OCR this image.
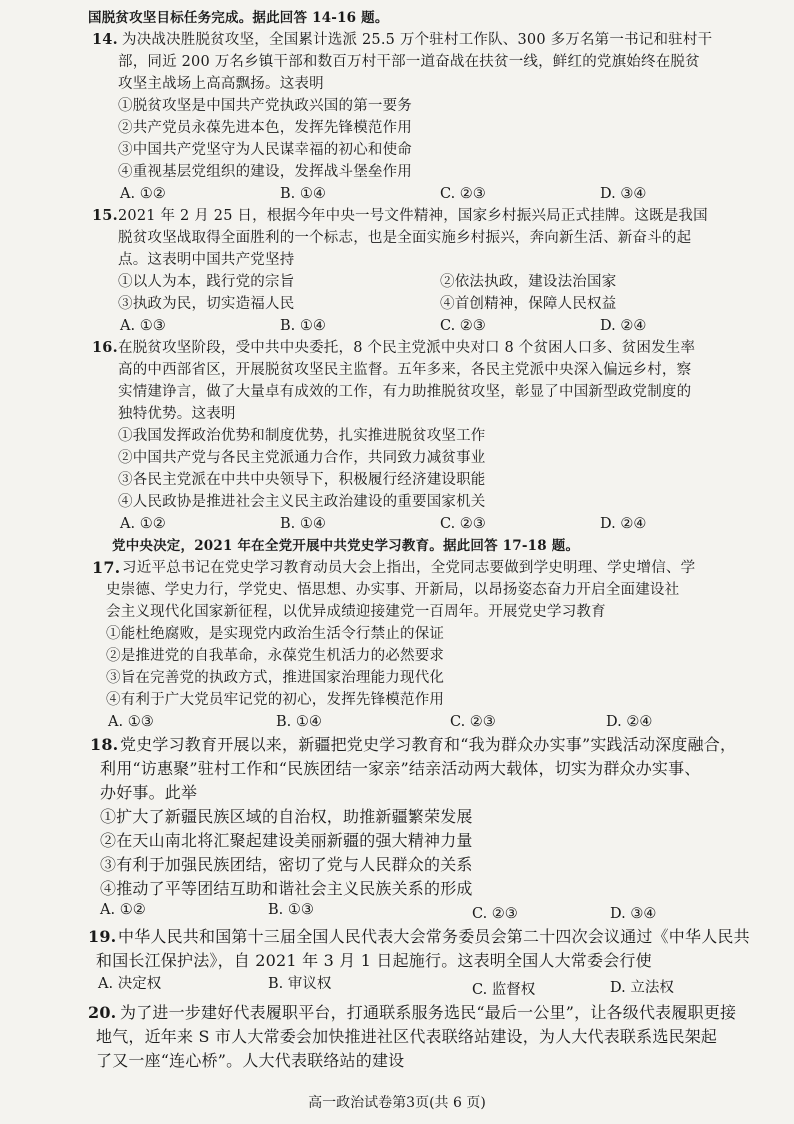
国脱贫攻坚目标任务完成。据此回答 14-16 题。
14. 为决战决胜脱贫攻坚，全国累计选派 25.5 万个驻村工作队、300 多万名第一书记和驻村干
部，同近 200 万名乡镇干部和数百万村干部一道奋战在扶贫一线，鲜红的党旗始终在脱贫
攻坚主战场上高高飘扬。这表明
①脱贫攻坚是中国共产党执政兴国的第一要务
②共产党员永葆先进本色，发挥先锋模范作用
③中国共产党坚守为人民谋幸福的初心和使命
④重视基层党组织的建设，发挥战斗堡垒作用
A. ①②	B. ①④	C. ②③	D. ③④
15. 2021 年 2 月 25 日，根据今年中央一号文件精神，国家乡村振兴局正式挂牌。这既是我国
脱贫攻坚战取得全面胜利的一个标志，也是全面实施乡村振兴，奔向新生活、新奋斗的起
点。这表明中国共产党坚持
①以人为本，践行党的宗旨	②依法执政，建设法治国家
③执政为民，切实造福人民	④首创精神，保障人民权益
A. ①③	B. ①④	C. ②③	D. ②④
16. 在脱贫攻坚阶段，受中共中央委托，8 个民主党派中央对口 8 个贫困人口多、贫困发生率
高的中西部省区，开展脱贫攻坚民主监督。五年多来，各民主党派中央深入偏远乡村，察
实情建诤言，做了大量卓有成效的工作，有力助推脱贫攻坚，彰显了中国新型政党制度的
独特优势。这表明
①我国发挥政治优势和制度优势，扎实推进脱贫攻坚工作
②中国共产党与各民主党派通力合作，共同致力减贫事业
③各民主党派在中共中央领导下，积极履行经济建设职能
④人民政协是推进社会主义民主政治建设的重要国家机关
A. ①②	B. ①④	C. ②③	D. ②④
党中央决定，2021 年在全党开展中共党史学习教育。据此回答 17-18 题。
17. 习近平总书记在党史学习教育动员大会上指出，全党同志要做到学史明理、学史增信、学
史崇德、学史力行，学党史、悟思想、办实事、开新局，以昂扬姿态奋力开启全面建设社
会主义现代化国家新征程，以优异成绩迎接建党一百周年。开展党史学习教育
①能杜绝腐败，是实现党内政治生活令行禁止的保证
②是推进党的自我革命，永葆党生机活力的必然要求
③旨在完善党的执政方式，推进国家治理能力现代化
④有利于广大党员牢记党的初心，发挥先锋模范作用
A. ①③	B. ①④	C. ②③	D. ②④
18. 党史学习教育开展以来，新疆把党史学习教育和“我为群众办实事”实践活动深度融合，
利用“访惠聚”驻村工作和“民族团结一家亲”结亲活动两大载体，切实为群众办实事、
办好事。此举
①扩大了新疆民族区域的自治权，助推新疆繁荣发展
②在天山南北将汇聚起建设美丽新疆的强大精神力量
③有利于加强民族团结，密切了党与人民群众的关系
④推动了平等团结互助和谐社会主义民族关系的形成
A. ①②	B. ①③	C. ②③	D. ③④
19. 中华人民共和国第十三届全国人民代表大会常务委员会第二十四次会议通过《中华人民共
和国长江保护法》，自 2021 年 3 月 1 日起施行。这表明全国人大常委会行使
A. 决定权	B. 审议权	C. 监督权	D. 立法权
20. 为了进一步建好代表履职平台，打通联系服务选民“最后一公里”，让各级代表履职更接
地气，近年来 S 市人大常委会加快推进社区代表联络站建设，为人大代表联系选民架起
了又一座“连心桥”。人大代表联络站的建设
高一政治试卷第3页(共 6 页)
